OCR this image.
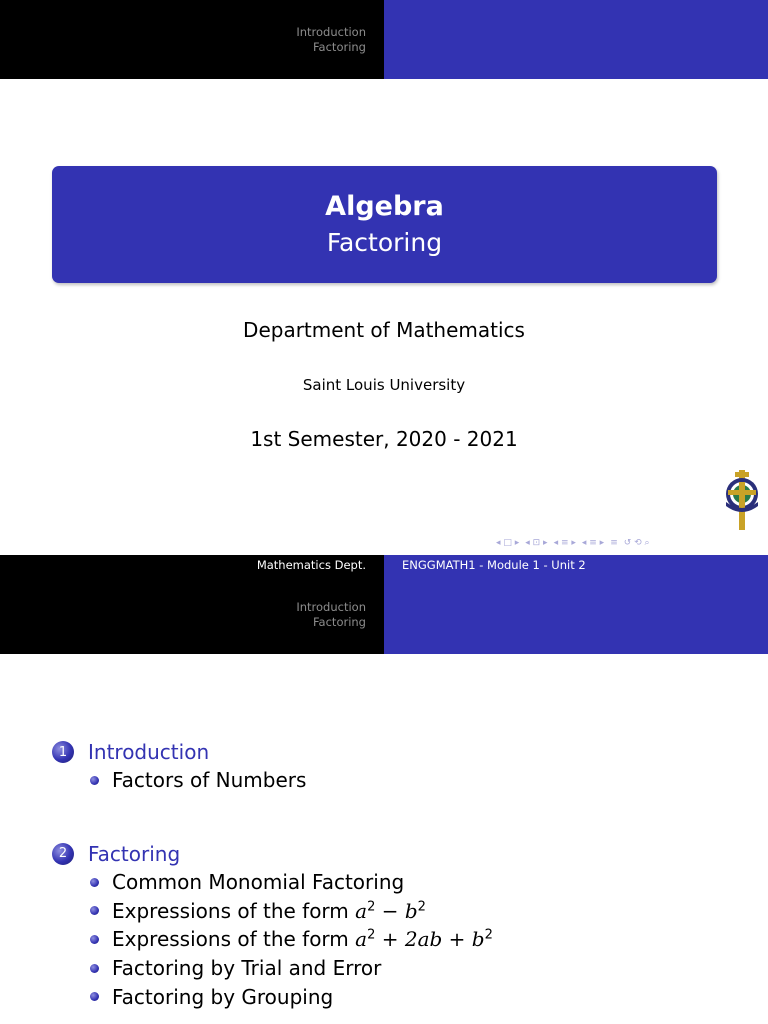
Introduction
Factoring
Algebra
Factoring
Department of Mathematics
Saint Louis University
1st Semester, 2020 - 2021
◂ □ ▸ ◂ ⊡ ▸ ◂ ≡ ▸ ◂ ≡ ▸ ≡ ↺ ⟲ ⌕
Mathematics Dept.	ENGGMATH1 - Module 1 - Unit 2
Introduction
Factoring
1	Introduction
Factors of Numbers
2	Factoring
Common Monomial Factoring
Expressions of the form
$a^2 - b^2$
Expressions of the form
$a^2 + 2ab + b^2$
Factoring by Trial and Error
Factoring by Grouping
